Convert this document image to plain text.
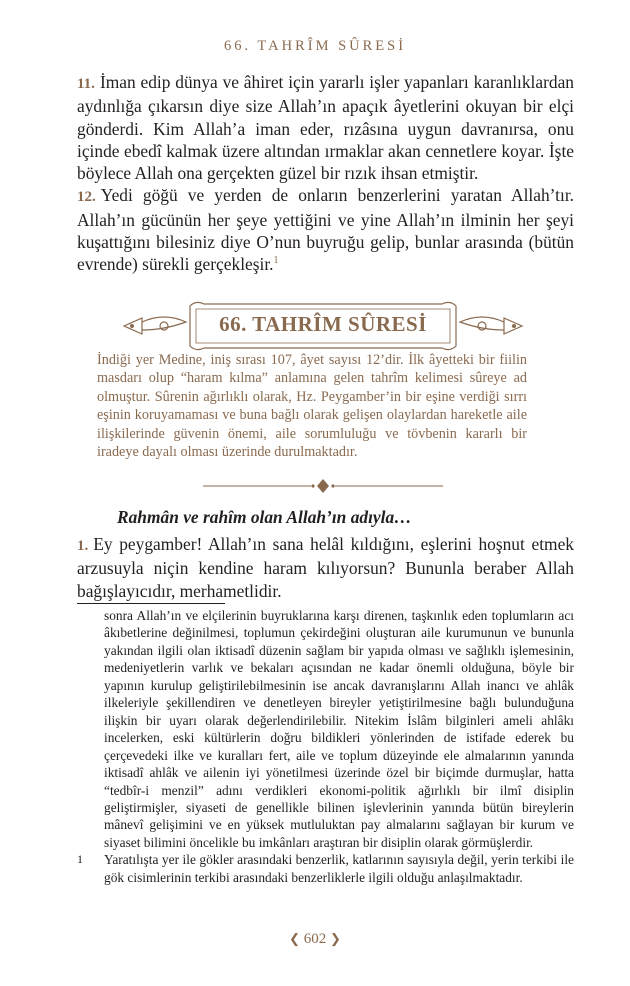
66. TAHRÎM SÛRESİ
11. İman edip dünya ve âhiret için yararlı işler yapanları karanlıklardan aydınlığa çıkarsın diye size Allah’ın apaçık âyetlerini okuyan bir elçi gönderdi. Kim Allah’a iman eder, rızâsına uygun davranırsa, onu içinde ebedî kalmak üzere altından ırmaklar akan cennetlere koyar. İşte böylece Allah ona gerçekten güzel bir rızık ihsan etmiştir.
12. Yedi göğü ve yerden de onların benzerlerini yaratan Allah’tır. Allah’ın gücünün her şeye yettiğini ve yine Allah’ın ilminin her şeyi kuşattığını bilesiniz diye O’nun buyruğu gelip, bunlar arasında (bütün evrende) sürekli gerçekleşir.$^1$
66. TAHRÎM SÛRESİ
İndiği yer Medine, iniş sırası 107, âyet sayısı 12’dir. İlk âyetteki bir fiilin masdarı olup “haram kılma” anlamına gelen tahrîm kelimesi sûreye ad olmuştur. Sûrenin ağırlıklı olarak, Hz. Peygamber’in bir eşine verdiği sırrı eşinin koruyamaması ve buna bağlı olarak gelişen olaylardan hareketle aile ilişkilerinde güvenin önemi, aile sorumluluğu ve tövbenin kararlı bir iradeye dayalı olması üzerinde durulmaktadır.
Rahmân ve rahîm olan Allah’ın adıyla…
1. Ey peygamber! Allah’ın sana helâl kıldığını, eşlerini hoşnut etmek arzusuyla niçin kendine haram kılıyorsun? Bununla beraber Allah bağışlayıcıdır, merhametlidir.
sonra Allah’ın ve elçilerinin buyruklarına karşı direnen, taşkınlık eden toplumların acı âkıbetlerine değinilmesi, toplumun çekirdeğini oluşturan aile kurumunun ve bununla yakından ilgili olan iktisadî düzenin sağlam bir yapıda olması ve sağlıklı işlemesinin, medeniyetlerin varlık ve bekaları açısından ne kadar önemli olduğuna, böyle bir yapının kurulup geliştirilebilmesinin ise ancak davranışlarını Allah inancı ve ahlâk ilkeleriyle şekillendiren ve denetleyen bireyler yetiştirilmesine bağlı bulunduğuna ilişkin bir uyarı olarak değerlendirilebilir. Nitekim İslâm bilginleri ameli ahlâkı incelerken, eski kültürlerin doğru bildikleri yönlerinden de istifade ederek bu çerçevedeki ilke ve kuralları fert, aile ve toplum düzeyinde ele almalarının yanında iktisadî ahlâk ve ailenin iyi yönetilmesi üzerinde özel bir biçimde durmuşlar, hatta “tedbîr-i menzil” adını verdikleri ekonomi-politik ağırlıklı bir ilmî disiplin geliştirmişler, siyaseti de genellikle bilinen işlevlerinin yanında bütün bireylerin mânevî gelişimini ve en yüksek mutluluktan pay almalarını sağlayan bir kurum ve siyaset bilimini öncelikle bu imkânları araştıran bir disiplin olarak görmüşlerdir.
1 Yaratılışta yer ile gökler arasındaki benzerlik, katlarının sayısıyla değil, yerin terkibi ile gök cisimlerinin terkibi arasındaki benzerliklerle ilgili olduğu anlaşılmaktadır.
❮ 602 ❯
